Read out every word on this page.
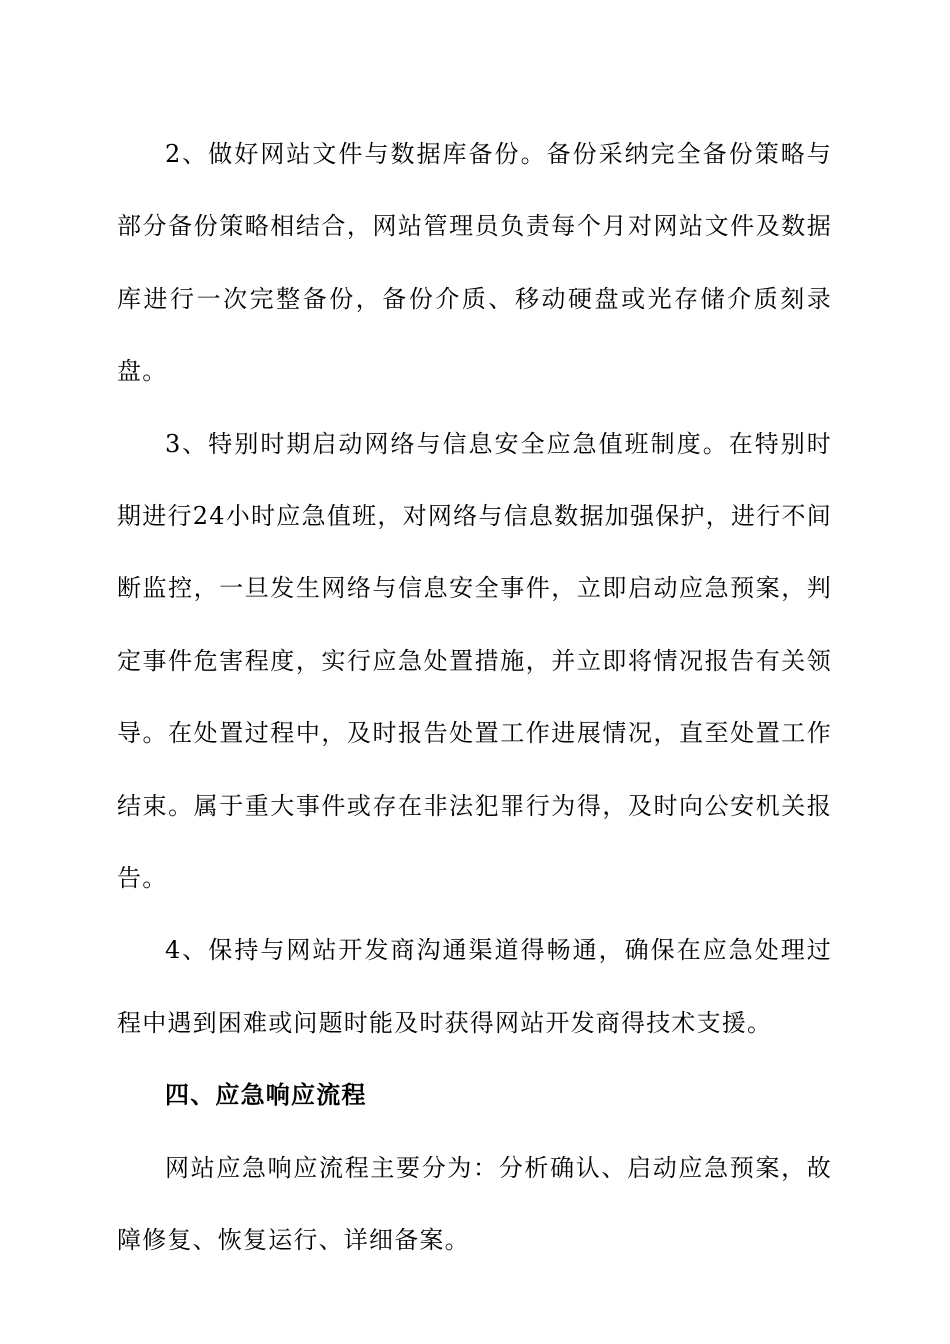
2、做好网站文件与数据库备份。备份采纳完全备份策略与部分备份策略相结合，网站管理员负责每个月对网站文件及数据库进行一次完整备份，备份介质、移动硬盘或光存储介质刻录盘。

3、特别时期启动网络与信息安全应急值班制度。在特别时期进行24小时应急值班，对网络与信息数据加强保护，进行不间断监控，一旦发生网络与信息安全事件，立即启动应急预案，判定事件危害程度，实行应急处置措施，并立即将情况报告有关领导。在处置过程中，及时报告处置工作进展情况，直至处置工作结束。属于重大事件或存在非法犯罪行为得，及时向公安机关报告。

4、保持与网站开发商沟通渠道得畅通，确保在应急处理过程中遇到困难或问题时能及时获得网站开发商得技术支援。

四、应急响应流程

网站应急响应流程主要分为：分析确认、启动应急预案，故障修复、恢复运行、详细备案。
